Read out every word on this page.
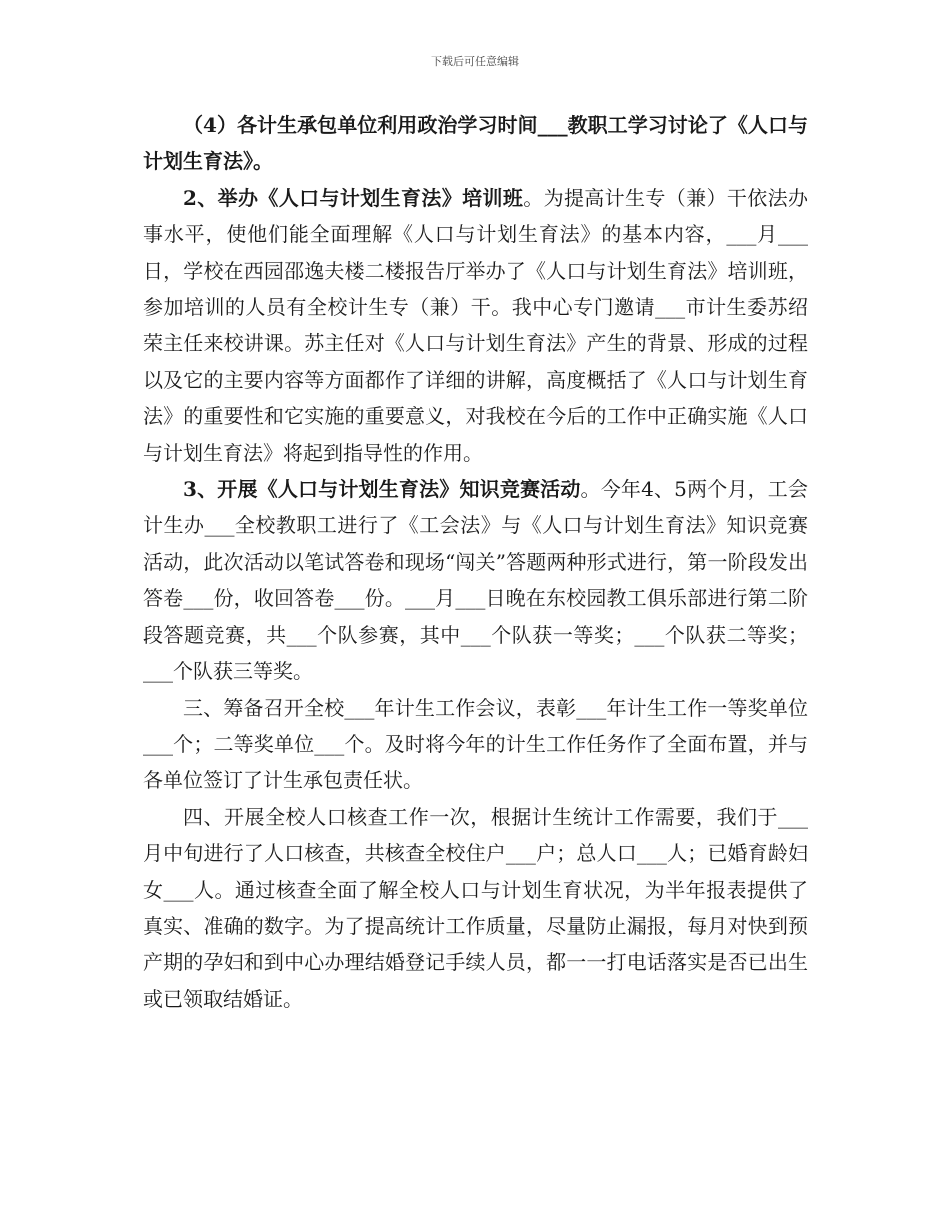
下载后可任意编辑

（4）各计生承包单位利用政治学习时间___教职工学习讨论了《人口与计划生育法》。

2、举办《人口与计划生育法》培训班。为提高计生专（兼）干依法办事水平，使他们能全面理解《人口与计划生育法》的基本内容，___月___日，学校在西园邵逸夫楼二楼报告厅举办了《人口与计划生育法》培训班，参加培训的人员有全校计生专（兼）干。我中心专门邀请___市计生委苏绍荣主任来校讲课。苏主任对《人口与计划生育法》产生的背景、形成的过程以及它的主要内容等方面都作了详细的讲解，高度概括了《人口与计划生育法》的重要性和它实施的重要意义，对我校在今后的工作中正确实施《人口与计划生育法》将起到指导性的作用。

3、开展《人口与计划生育法》知识竞赛活动。今年4、5两个月，工会计生办___全校教职工进行了《工会法》与《人口与计划生育法》知识竞赛活动，此次活动以笔试答卷和现场“闯关”答题两种形式进行，第一阶段发出答卷___份，收回答卷___份。___月___日晚在东校园教工俱乐部进行第二阶段答题竞赛，共___个队参赛，其中___个队获一等奖；___个队获二等奖；___个队获三等奖。

三、筹备召开全校___年计生工作会议，表彰___年计生工作一等奖单位___个；二等奖单位___个。及时将今年的计生工作任务作了全面布置，并与各单位签订了计生承包责任状。

四、开展全校人口核查工作一次，根据计生统计工作需要，我们于___月中旬进行了人口核查，共核查全校住户___户；总人口___人；已婚育龄妇女___人。通过核查全面了解全校人口与计划生育状况，为半年报表提供了真实、准确的数字。为了提高统计工作质量，尽量防止漏报，每月对快到预产期的孕妇和到中心办理结婚登记手续人员，都一一打电话落实是否已出生或已领取结婚证。
